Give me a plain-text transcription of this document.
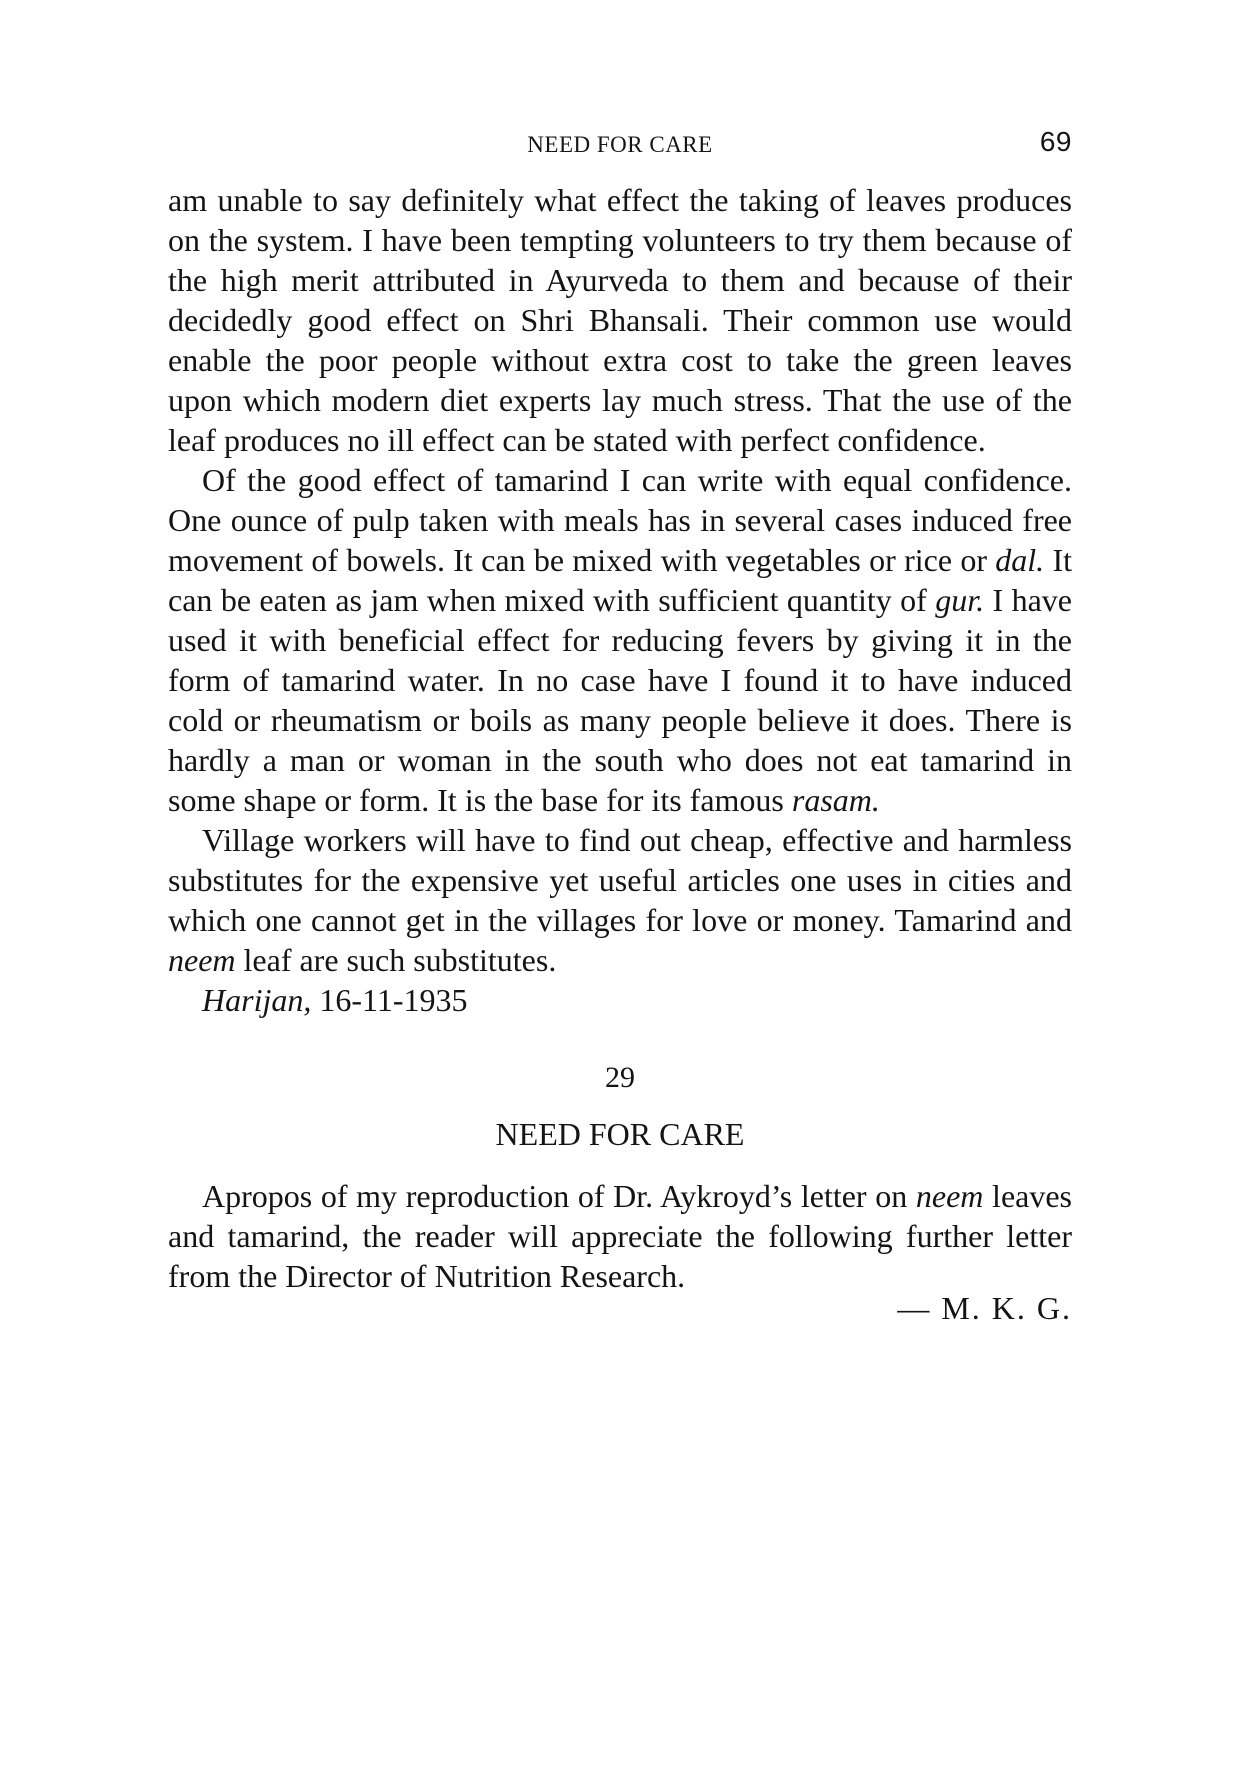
NEED FOR CARE	69

am unable to say definitely what effect the taking of leaves produces on the system. I have been tempting volunteers to try them because of the high merit attributed in Ayurveda to them and because of their decidedly good effect on Shri Bhansali. Their common use would enable the poor people without extra cost to take the green leaves upon which modern diet experts lay much stress. That the use of the leaf produces no ill effect can be stated with perfect confidence.

Of the good effect of tamarind I can write with equal confidence. One ounce of pulp taken with meals has in several cases induced free movement of bowels. It can be mixed with vegetables or rice or dal. It can be eaten as jam when mixed with sufficient quantity of gur. I have used it with beneficial effect for reducing fevers by giving it in the form of tamarind water. In no case have I found it to have induced cold or rheumatism or boils as many people believe it does. There is hardly a man or woman in the south who does not eat tamarind in some shape or form. It is the base for its famous rasam.

Village workers will have to find out cheap, effective and harmless substitutes for the expensive yet useful articles one uses in cities and which one cannot get in the villages for love or money. Tamarind and neem leaf are such substitutes.

Harijan, 16-11-1935
29
NEED FOR CARE

Apropos of my reproduction of Dr. Aykroyd’s letter on neem leaves and tamarind, the reader will appreciate the following further letter from the Director of Nutrition Research.

— M. K. G.
